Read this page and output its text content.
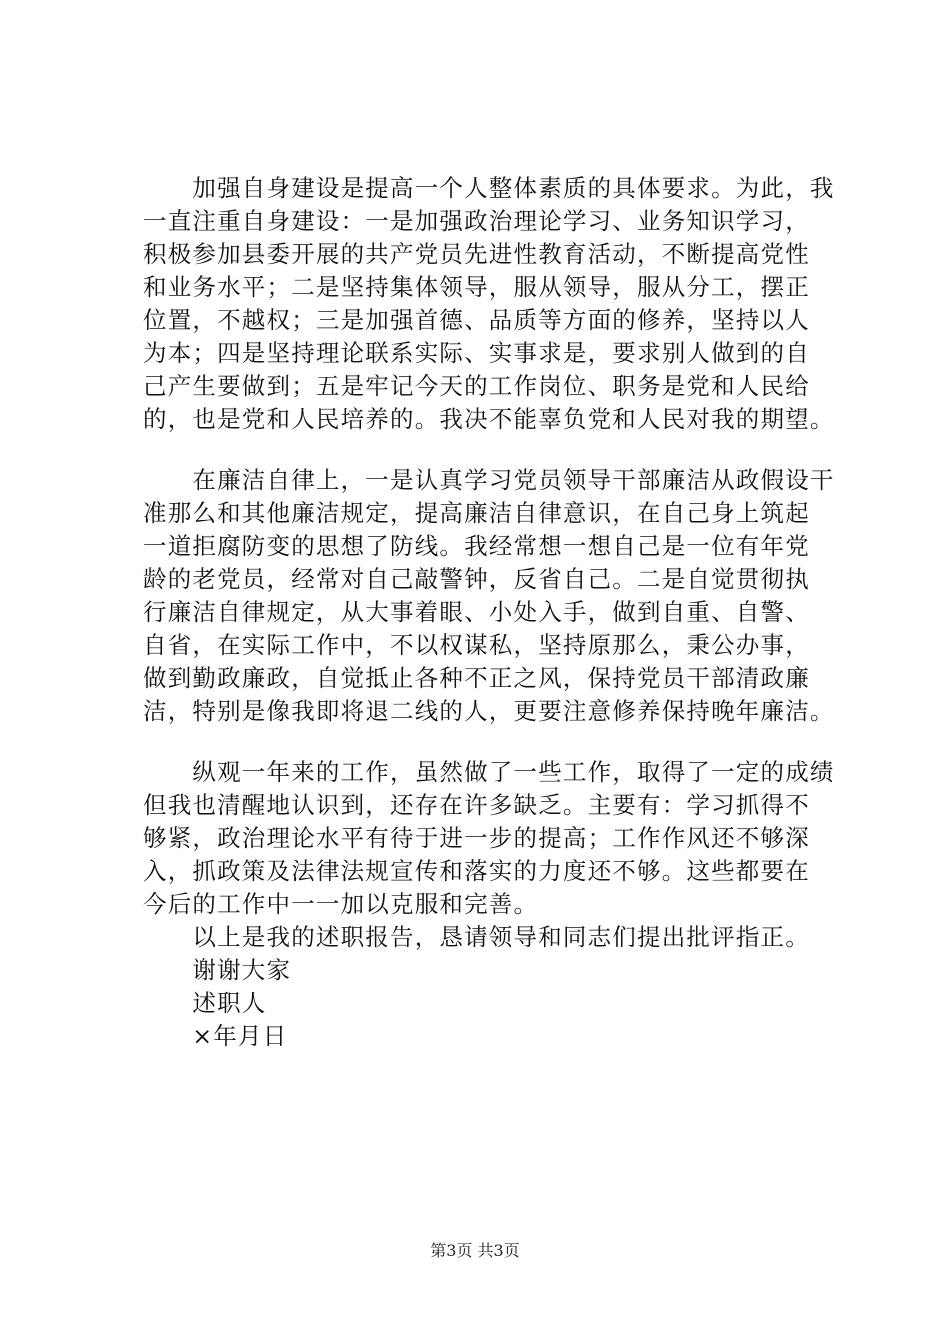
　　加强自身建设是提高一个人整体素质的具体要求。为此，我
一直注重自身建设：一是加强政治理论学习、业务知识学习，
积极参加县委开展的共产党员先进性教育活动，不断提高党性
和业务水平；二是坚持集体领导，服从领导，服从分工，摆正
位置，不越权；三是加强首德、品质等方面的修养，坚持以人
为本；四是坚持理论联系实际、实事求是，要求别人做到的自
己产生要做到；五是牢记今天的工作岗位、职务是党和人民给
的，也是党和人民培养的。我决不能辜负党和人民对我的期望。
　　在廉洁自律上，一是认真学习党员领导干部廉洁从政假设干
准那么和其他廉洁规定，提高廉洁自律意识，在自己身上筑起
一道拒腐防变的思想了防线。我经常想一想自己是一位有年党
龄的老党员，经常对自己敲警钟，反省自己。二是自觉贯彻执
行廉洁自律规定，从大事着眼、小处入手，做到自重、自警、
自省，在实际工作中，不以权谋私，坚持原那么，秉公办事，
做到勤政廉政，自觉抵止各种不正之风，保持党员干部清政廉
洁，特别是像我即将退二线的人，更要注意修养保持晚年廉洁。
　　纵观一年来的工作，虽然做了一些工作，取得了一定的成绩
但我也清醒地认识到，还存在许多缺乏。主要有：学习抓得不
够紧，政治理论水平有待于进一步的提高；工作作风还不够深
入，抓政策及法律法规宣传和落实的力度还不够。这些都要在
今后的工作中一一加以克服和完善。
　　以上是我的述职报告，恳请领导和同志们提出批评指正。
　　谢谢大家
　　述职人
　　×年月日
第3页 共3页
